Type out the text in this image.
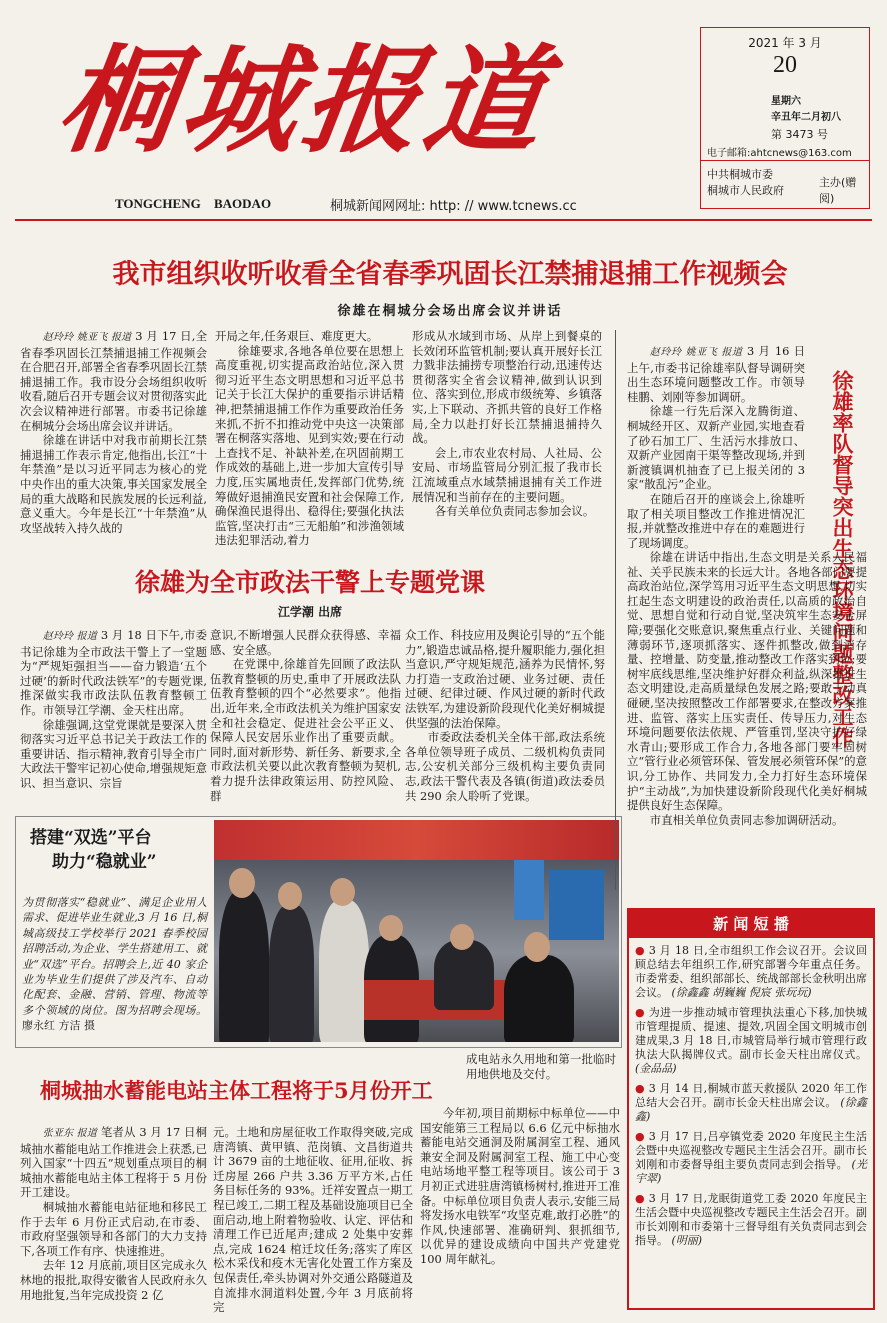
桐城报道
TONGCHENG BAODAO	桐城新闻网网址: http: // www.tcnews.cc
2021 年 3 月
20
星期六
辛丑年二月初八
第 3473 号
电子邮箱:ahtcnews@163.com
中共桐城市委
桐城市人民政府
主办(赠阅)
我市组织收听收看全省春季巩固长江禁捕退捕工作视频会
徐雄在桐城分会场出席会议并讲话

赵玲玲 姚亚飞 报道 3 月 17 日,全省春季巩固长江禁捕退捕工作视频会在合肥召开,部署全省春季巩固长江禁捕退捕工作。我市设分会场组织收听收看,随后召开专题会议对贯彻落实此次会议精神进行部署。市委书记徐雄在桐城分会场出席会议并讲话。

徐雄在讲话中对我市前期长江禁捕退捕工作表示肯定,他指出,长江“十年禁渔”是以习近平同志为核心的党中央作出的重大决策,事关国家发展全局的重大战略和民族发展的长远利益,意义重大。今年是长江“十年禁渔”从攻坚战转入持久战的

开局之年,任务艰巨、难度更大。

徐雄要求,各地各单位要在思想上高度重视,切实提高政治站位,深入贯彻习近平生态文明思想和习近平总书记关于长江大保护的重要指示讲话精神,把禁捕退捕工作作为重要政治任务来抓,不折不扣推动党中央这一决策部署在桐落实落地、见到实效;要在行动上查找不足、补缺补差,在巩固前期工作成效的基础上,进一步加大宣传引导力度,压实属地责任,发挥部门优势,统筹做好退捕渔民安置和社会保障工作,确保渔民退得出、稳得住;要强化执法监管,坚决打击“三无船舶”和涉渔领域违法犯罪活动,着力

形成从水域到市场、从岸上到餐桌的长效闭环监管机制;要认真开展好长江力戮非法捕捞专项整治行动,迅速传达贯彻落实全省会议精神,做到认识到位、落实到位,形成市级统筹、乡镇落实,上下联动、齐抓共管的良好工作格局,全力以赴打好长江禁捕退捕持久战。

会上,市农业农村局、人社局、公安局、市场监管局分别汇报了我市长江流域重点水域禁捕退捕有关工作进展情况和当前存在的主要问题。

各有关单位负责同志参加会议。

徐雄为全市政法干警上专题党课
江学潮 出席

赵玲玲 报道 3 月 18 日下午,市委书记徐雄为全市政法干警上了一堂题为“严规矩强担当——奋力锻造‘五个过硬’的新时代政法铁军”的专题党课,推深做实我市政法队伍教育整顿工作。市领导江学潮、金天柱出席。

徐雄强调,这堂党课就是要深入贯彻落实习近平总书记关于政法工作的重要讲话、指示精神,教育引导全市广大政法干警牢记初心使命,增强规矩意识、担当意识、宗旨

意识,不断增强人民群众获得感、幸福感、安全感。

在党课中,徐雄首先回顾了政法队伍教育整顿的历史,重申了开展政法队伍教育整顿的四个“必然要求”。他指出,近年来,全市政法机关为维护国家安全和社会稳定、促进社会公平正义、保障人民安居乐业作出了重要贡献。同时,面对新形势、新任务、新要求,全市政法机关要以此次教育整顿为契机,着力提升法律政策运用、防控风险、群

众工作、科技应用及舆论引导的“五个能力”,锻造忠诚品格,提升履职能力,强化担当意识,严守规矩规范,涵养为民情怀,努力打造一支政治过硬、业务过硬、责任过硬、纪律过硬、作风过硬的新时代政法铁军,为建设新阶段现代化美好桐城提供坚强的法治保障。

市委政法委机关全体干部,政法系统各单位领导班子成员、二级机构负责同志,公安机关部分三级机构主要负责同志,政法干警代表及各镇(街道)政法委员共 290 余人聆听了党课。

搭建“双选”平台
助力“稳就业”
为贯彻落实“稳就业”、满足企业用人需求、促进毕业生就业,3 月 16 日,桐城高级技工学校举行 2021 春季校园招聘活动,为企业、学生搭建用工、就业“双选”平台。招聘会上,近 40 家企业为毕业生们提供了涉及汽车、自动化配套、金融、营销、管理、物流等多个领域的岗位。图为招聘会现场。 廖永红 方洁 摄
桐城抽水蓄能电站主体工程将于5月份开工

张亚东 报道 笔者从 3 月 17 日桐城抽水蓄能电站工作推进会上获悉,已列入国家“十四五”规划重点项目的桐城抽水蓄能电站主体工程将于 5 月份开工建设。

桐城抽水蓄能电站征地和移民工作于去年 6 月份正式启动,在市委、市政府坚强领导和各部门的大力支持下,各项工作有序、快速推进。

去年 12 月底前,项目区完成永久林地的报批,取得安徽省人民政府永久用地批复,当年完成投资 2 亿

元。土地和房屋征收工作取得突破,完成唐湾镇、黄甲镇、范岗镇、文昌街道共计 3679 亩的土地征收、征用,征收、拆迁房屋 266 户共 3.36 万平方米,占任务目标任务的 93%。迁祥安置点一期工程已竣工,二期工程及基础设施项目已全面启动,地上附着物验收、认定、评估和清理工作已近尾声;建成 2 处集中安葬点,完成 1624 棺迁坟任务;落实了库区松木采伐和疫木无害化处置工作方案及包保责任,牵头协调对外交通公路隧道及自流排水洞道料处置,今年 3 月底前将完

成电站永久用地和第一批临时用地供地及交付。

今年初,项目前期标中标单位——中国安能第三工程局以 6.6 亿元中标抽水蓄能电站交通洞及附属洞室工程、通风兼安全洞及附属洞室工程、施工中心变电站场地平整工程等项目。该公司于 3 月初正式进驻唐湾镇杨树村,推进开工准备。中标单位项目负责人表示,安能三局将发扬水电铁军“攻坚克难,敢打必胜”的作风,快速部署、准确研判、狠抓细节,以优异的建设成绩向中国共产党建党 100 周年献礼。

徐雄率队督导突出生态环境问题整改工作

赵玲玲 姚亚飞 报道 3 月 16 日上午,市委书记徐雄率队督导调研突出生态环境问题整改工作。市领导桂鹏、刘刚等参加调研。

徐雄一行先后深入龙腾街道、桐城经开区、双新产业园,实地查看了砂石加工厂、生活污水排放口、双新产业园南干渠等整改现场,并到新渡镇调机抽查了已上报关闭的 3 家“散乱污”企业。

在随后召开的座谈会上,徐雄听取了相关项目整改工作推进情况汇报,并就整改推进中存在的难题进行了现场调度。

徐雄在讲话中指出,生态文明是关系人民福祉、关乎民族未来的长远大计。各地各部门要提高政治站位,深学笃用习近平生态文明思想,切实扛起生态文明建设的政治责任,以高质的政治自觉、思想自觉和行动自觉,坚决筑牢生态安全屏障;要强化交账意识,聚焦重点行业、关键问题和薄弱环节,逐项抓落实、逐件抓整改,做到消存量、控增量、防变量,推动整改工作落实到位;要树牢底线思维,坚决维护好群众利益,纵深推进生态文明建设,走高质量绿色发展之路;要敢于动真碰硬,坚决按照整改工作部署要求,在整改方案推进、监管、落实上压实责任、传导压力,对生态环境问题要依法依规、严管重罚,坚决守护好绿水青山;要形成工作合力,各地各部门要牢固树立“管行业必须管环保、管发展必须管环保”的意识,分工协作、共同发力,全力打好生态环境保护“主动战”,为加快建设新阶段现代化美好桐城提供良好生态保障。

市直相关单位负责同志参加调研活动。

新 闻 短 播
● 3 月 18 日,全市组织工作会议召开。会议回顾总结去年组织工作,研究部署今年重点任务。市委常委、组织部部长、统战部部长金秋明出席会议。 (徐鑫鑫 胡巍巍 倪宸 张玩玩)
● 为进一步推动城市管理执法重心下移,加快城市管理提质、提速、提效,巩固全国文明城市创建成果,3 月 18 日,市城管局举行城市管理行政执法大队揭牌仪式。副市长金天柱出席仪式。 (金品品)
● 3 月 14 日,桐城市蓝天救援队 2020 年工作总结大会召开。副市长金天柱出席会议。 (徐鑫鑫)
● 3 月 17 日,吕亭镇党委 2020 年度民主生活会暨中央巡视整改专题民主生活会召开。副市长刘刚和市委督导组主要负责同志到会指导。 (光宇翠)
● 3 月 17 日,龙眠街道党工委 2020 年度民主生活会暨中央巡视整改专题民主生活会召开。副市长刘刚和市委第十三督导组有关负责同志到会指导。 (明丽)
